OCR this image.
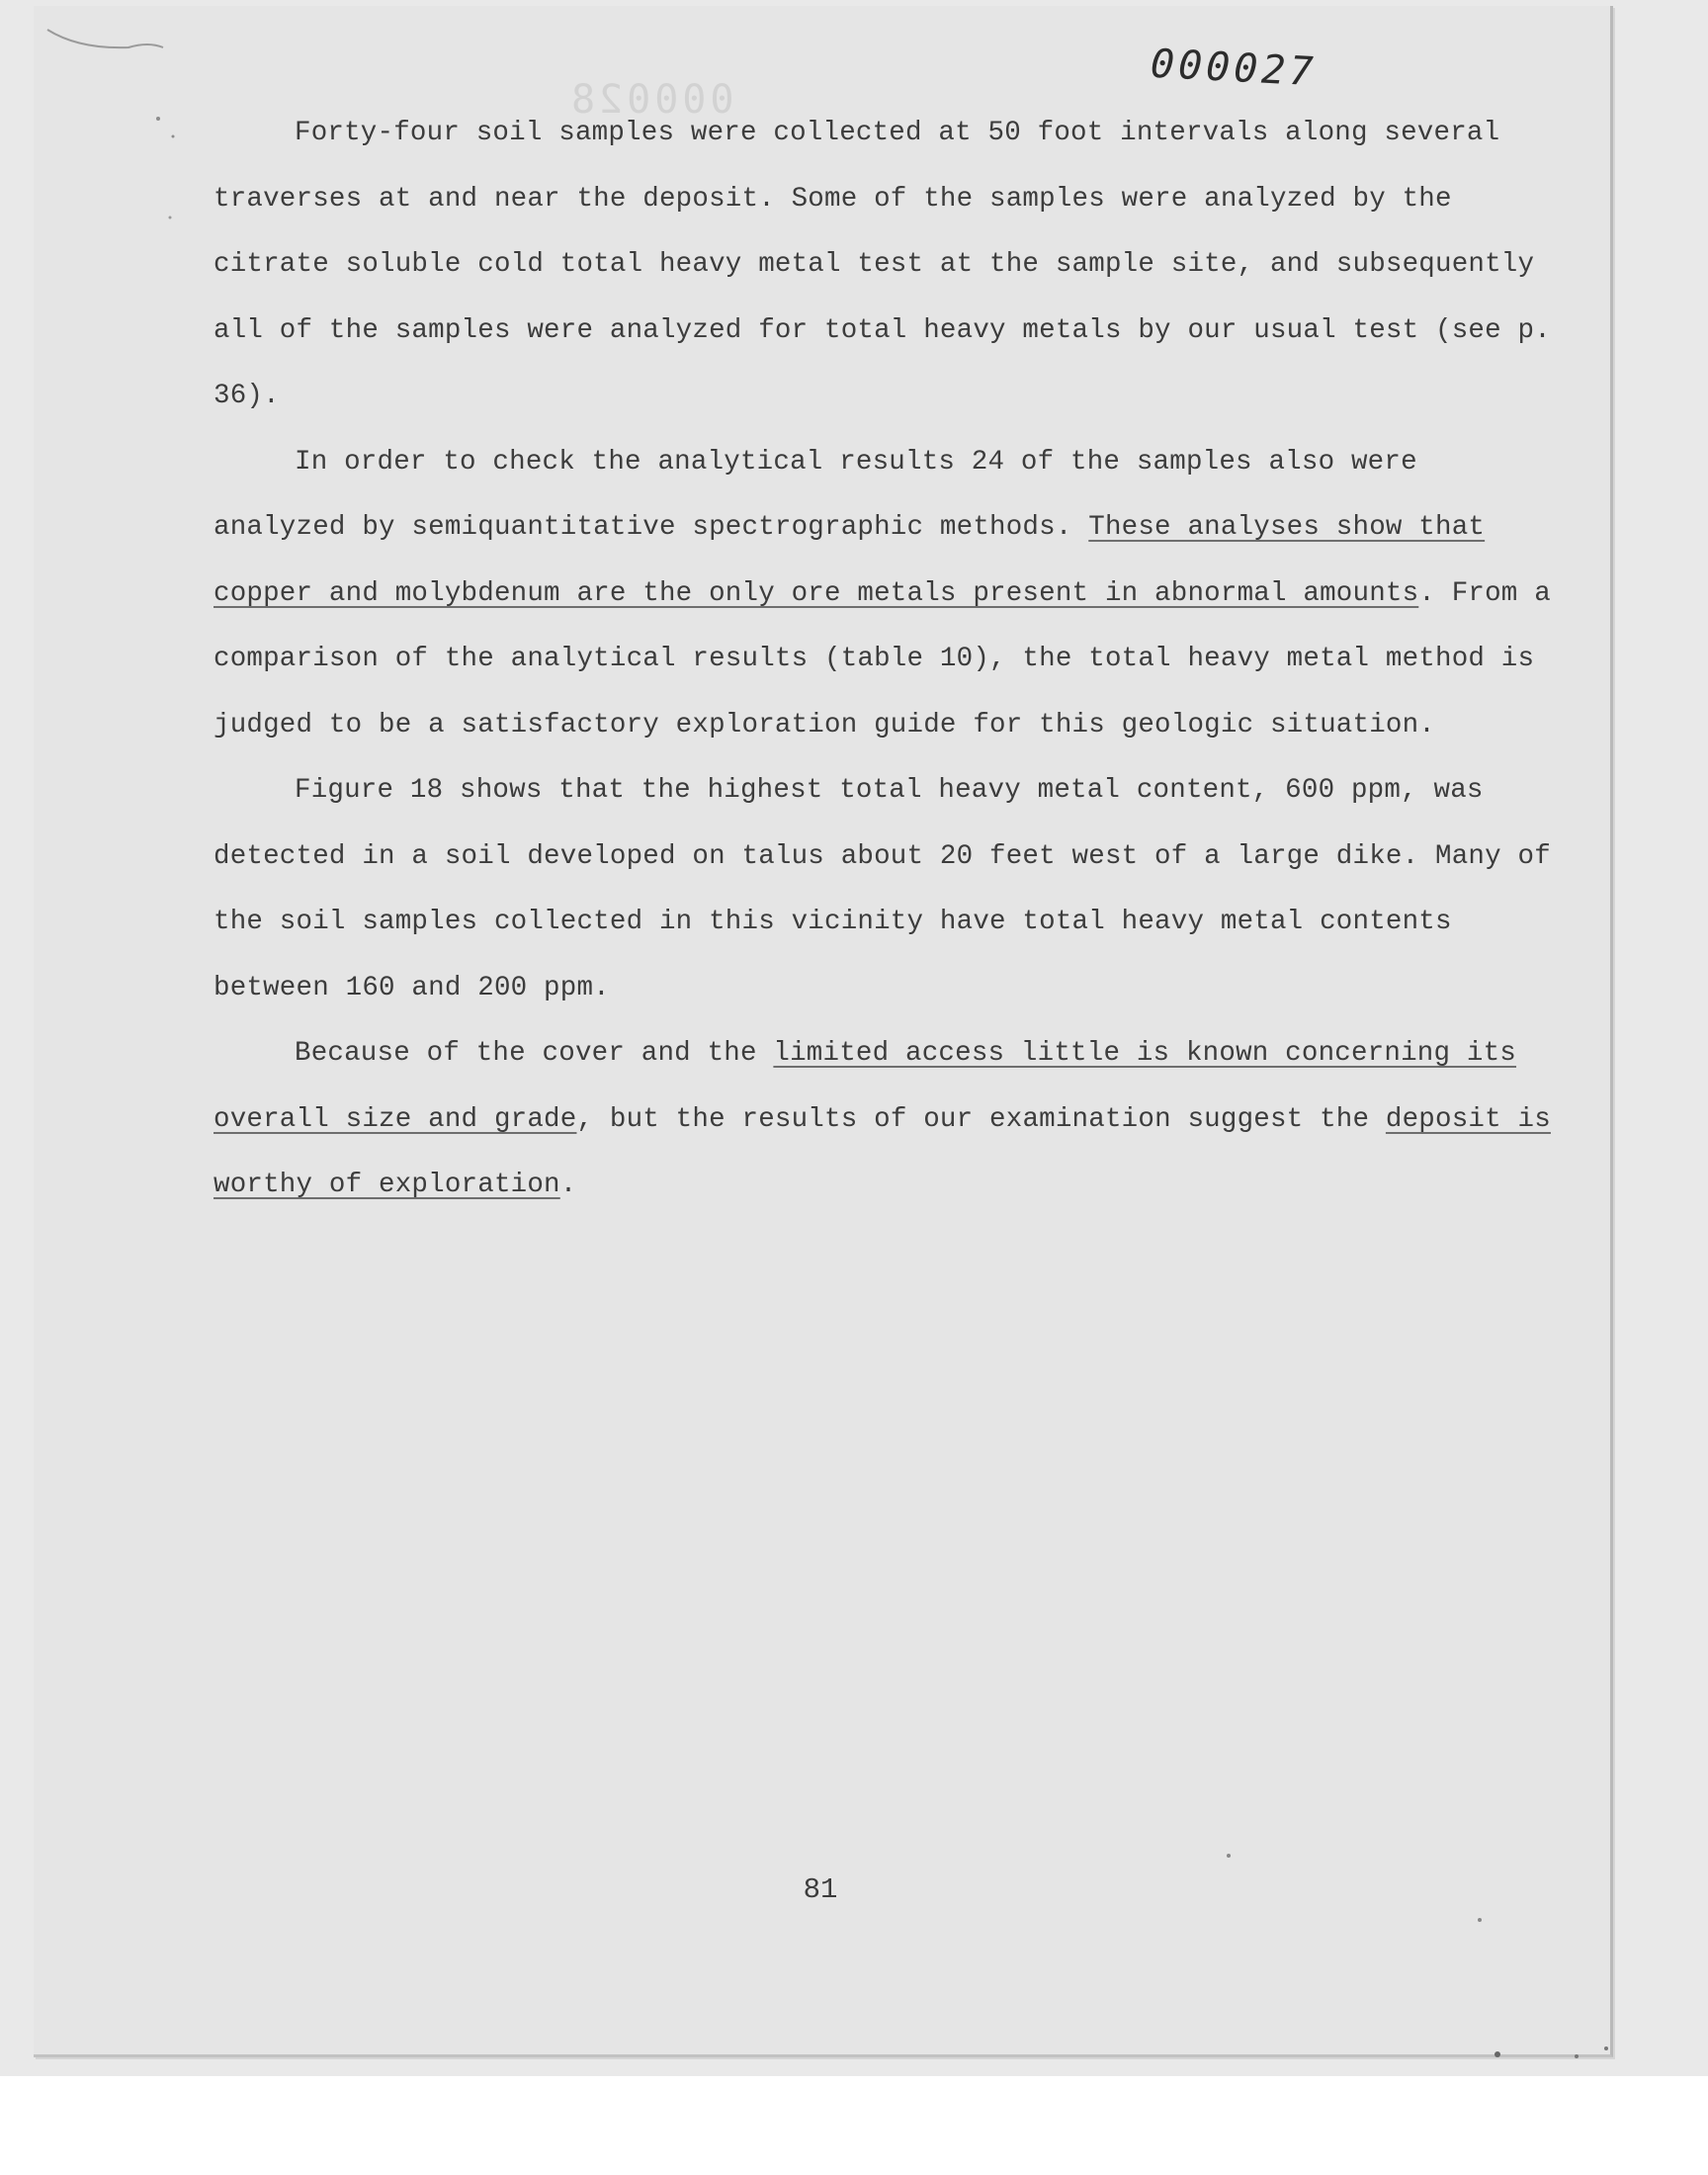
000027
000028

Forty-four soil samples were collected at 50 foot intervals along several traverses at and near the deposit. Some of the samples were analyzed by the citrate soluble cold total heavy metal test at the sample site, and subsequently all of the samples were analyzed for total heavy metals by our usual test (see p. 36).

In order to check the analytical results 24 of the samples also were analyzed by semiquantitative spectrographic methods. These analyses show that copper and molybdenum are the only ore metals present in abnormal amounts. From a comparison of the analytical results (table 10), the total heavy metal method is judged to be a satisfactory exploration guide for this geologic situation.

Figure 18 shows that the highest total heavy metal content, 600 ppm, was detected in a soil developed on talus about 20 feet west of a large dike. Many of the soil samples collected in this vicinity have total heavy metal contents between 160 and 200 ppm.

Because of the cover and the limited access little is known concerning its overall size and grade, but the results of our examination suggest the deposit is worthy of exploration.

81
